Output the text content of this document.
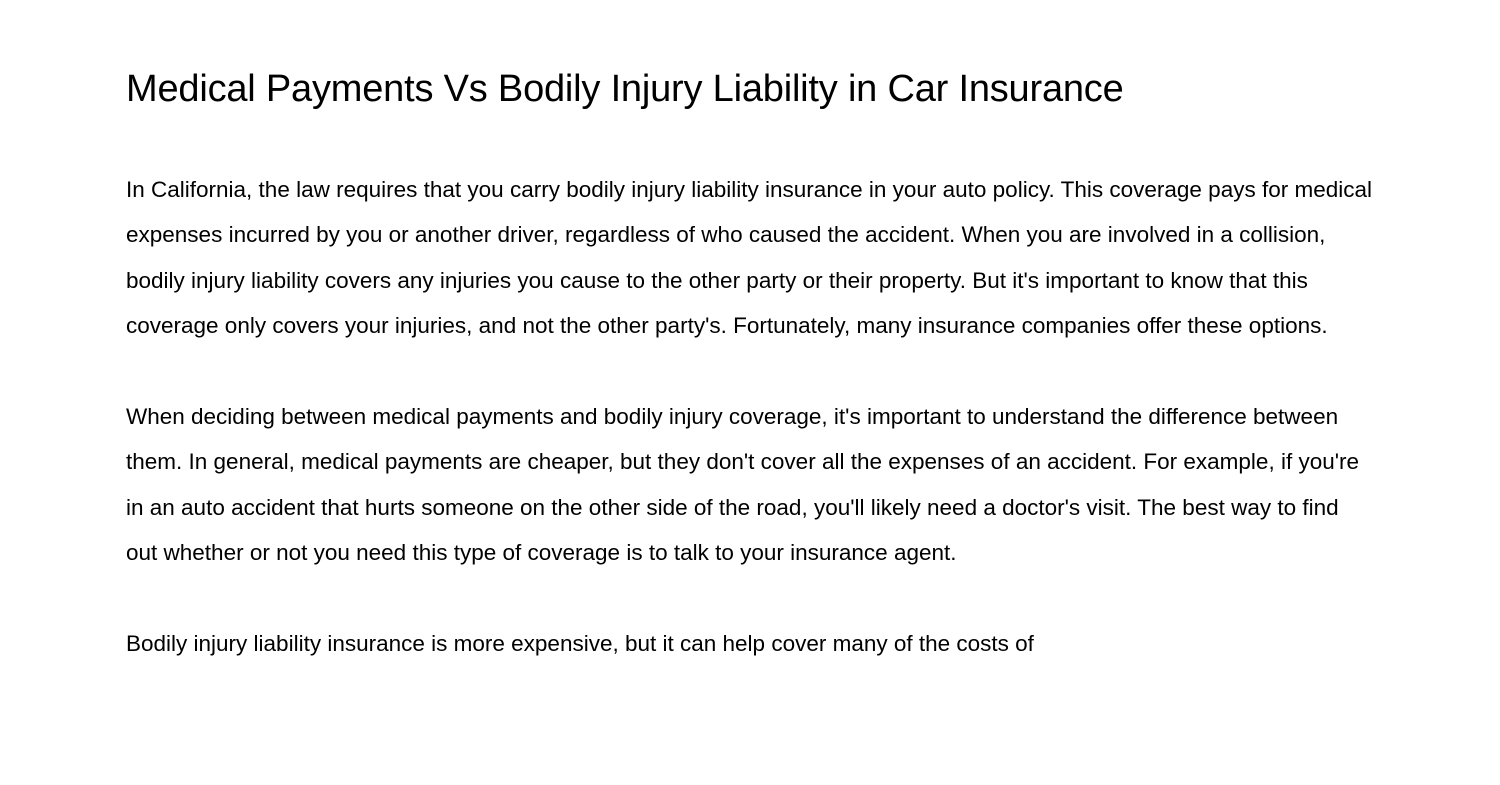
Medical Payments Vs Bodily Injury Liability in Car Insurance

In California, the law requires that you carry bodily injury liability insurance in your auto policy. This coverage pays for medical expenses incurred by you or another driver, regardless of who caused the accident. When you are involved in a collision, bodily injury liability covers any injuries you cause to the other party or their property. But it's important to know that this coverage only covers your injuries, and not the other party's. Fortunately, many insurance companies offer these options.

When deciding between medical payments and bodily injury coverage, it's important to understand the difference between them. In general, medical payments are cheaper, but they don't cover all the expenses of an accident. For example, if you're in an auto accident that hurts someone on the other side of the road, you'll likely need a doctor's visit. The best way to find out whether or not you need this type of coverage is to talk to your insurance agent.

Bodily injury liability insurance is more expensive, but it can help cover many of the costs of
